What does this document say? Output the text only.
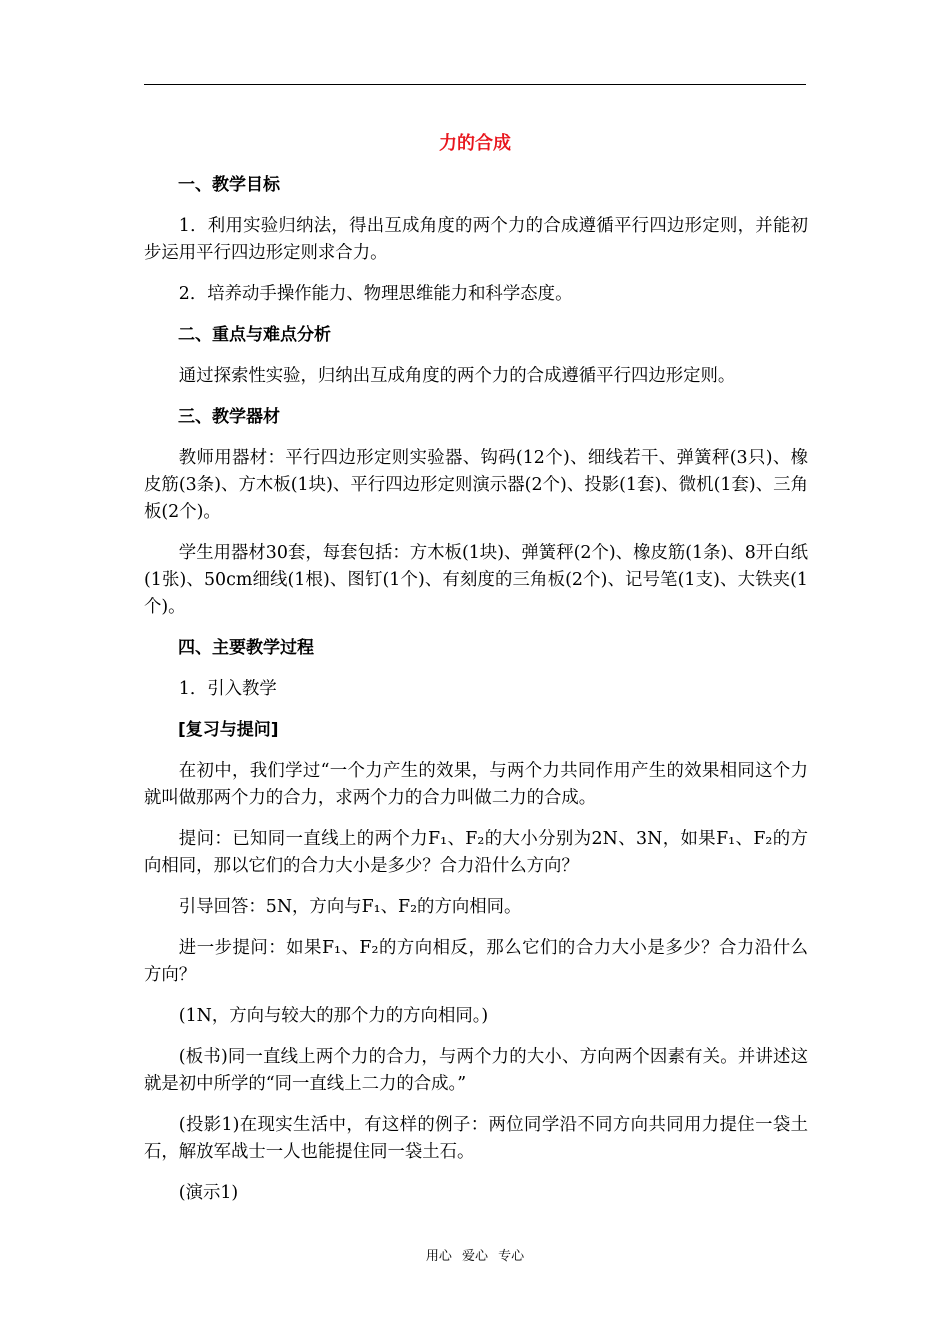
力的合成

一、教学目标

1．利用实验归纳法，得出互成角度的两个力的合成遵循平行四边形定则，并能初步运用平行四边形定则求合力。

2．培养动手操作能力、物理思维能力和科学态度。

二、重点与难点分析

通过探索性实验，归纳出互成角度的两个力的合成遵循平行四边形定则。

三、教学器材

教师用器材：平行四边形定则实验器、钩码(12个)、细线若干、弹簧秤(3只)、橡皮筋(3条)、方木板(1块)、平行四边形定则演示器(2个)、投影(1套)、微机(1套)、三角板(2个)。

学生用器材30套，每套包括：方木板(1块)、弹簧秤(2个)、橡皮筋(1条)、8开白纸(1张)、50cm细线(1根)、图钉(1个)、有刻度的三角板(2个)、记号笔(1支)、大铁夹(1个)。

四、主要教学过程

1．引入教学

[复习与提问]

在初中，我们学过“一个力产生的效果，与两个力共同作用产生的效果相同这个力就叫做那两个力的合力，求两个力的合力叫做二力的合成。

提问：已知同一直线上的两个力F₁、F₂的大小分别为2N、3N，如果F₁、F₂的方向相同，那以它们的合力大小是多少？合力沿什么方向？

引导回答：5N，方向与F₁、F₂的方向相同。

进一步提问：如果F₁、F₂的方向相反，那么它们的合力大小是多少？合力沿什么方向？

(1N，方向与较大的那个力的方向相同。)

(板书)同一直线上两个力的合力，与两个力的大小、方向两个因素有关。并讲述这就是初中所学的“同一直线上二力的合成。”

(投影1)在现实生活中，有这样的例子：两位同学沿不同方向共同用力提住一袋土石，解放军战士一人也能提住同一袋土石。

(演示1)

用心 爱心 专心
